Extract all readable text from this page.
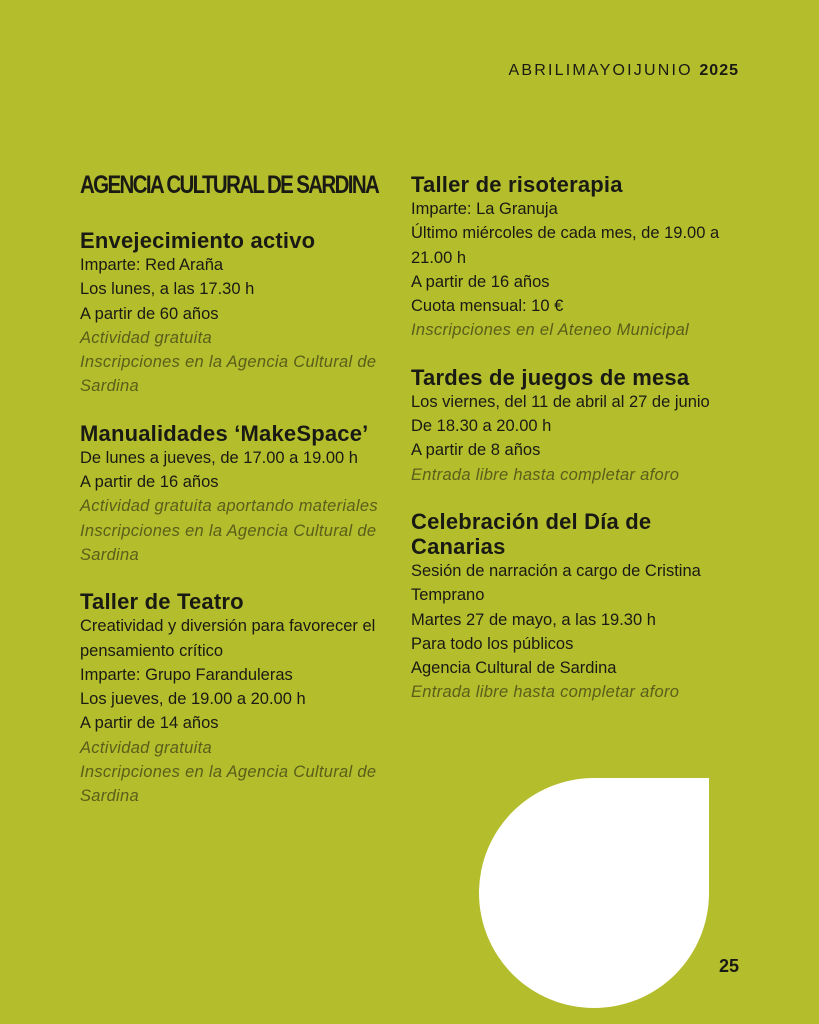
ABRILIMAYOIJUNIO 2025
AGENCIA CULTURAL DE SARDINA
Envejecimiento activo

Imparte: Red Araña

Los lunes, a las 17.30 h

A partir de 60 años

Actividad gratuita

Inscripciones en la Agencia Cultural de Sardina

Manualidades ‘MakeSpace’

De lunes a jueves, de 17.00 a 19.00 h

A partir de 16 años

Actividad gratuita aportando materiales

Inscripciones en la Agencia Cultural de Sardina

Taller de Teatro

Creatividad y diversión para favorecer el pensamiento crítico

Imparte: Grupo Faranduleras

Los jueves, de 19.00 a 20.00 h

A partir de 14 años

Actividad gratuita

Inscripciones en la Agencia Cultural de Sardina

Taller de risoterapia

Imparte: La Granuja

Último miércoles de cada mes, de 19.00 a 21.00 h

A partir de 16 años

Cuota mensual: 10 €

Inscripciones en el Ateneo Municipal

Tardes de juegos de mesa

Los viernes, del 11 de abril al 27 de junio

De 18.30 a 20.00 h

A partir de 8 años

Entrada libre hasta completar aforo

Celebración del Día de Canarias

Sesión de narración a cargo de Cristina Temprano

Martes 27 de mayo, a las 19.30 h

Para todo los públicos

Agencia Cultural de Sardina

Entrada libre hasta completar aforo

25
